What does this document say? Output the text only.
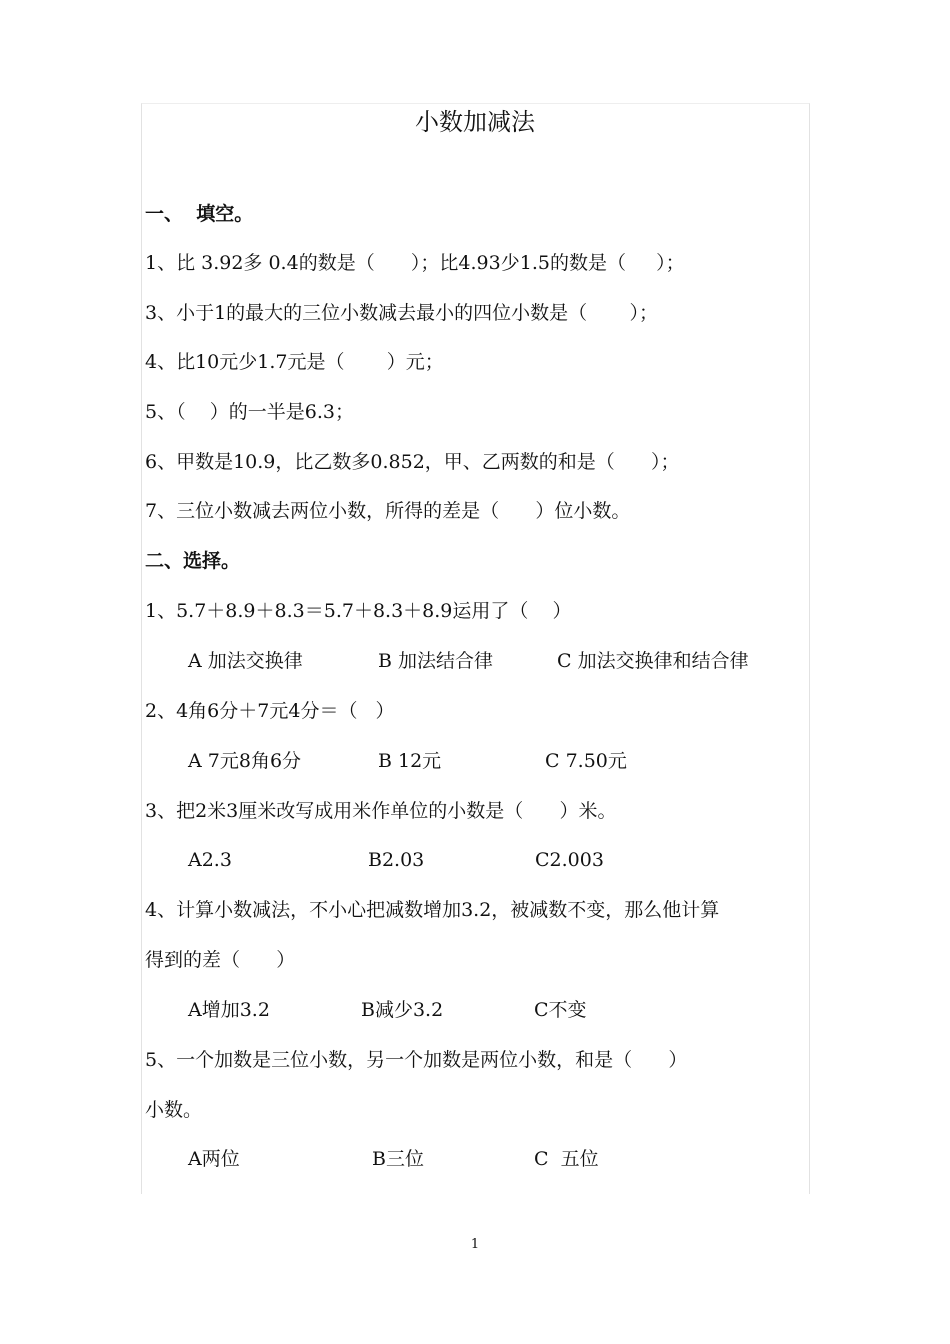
小数加减法
一、  填空。
1、比 3.92多 0.4的数是（      ）；比4.93少1.5的数是（     ）；
3、小于1的最大的三位小数减去最小的四位小数是（       ）；
4、比10元少1.7元是（       ）元；
5、（    ）的一半是6.3；
6、甲数是10.9，比乙数多0.852，甲、乙两数的和是（      ）；
7、三位小数减去两位小数，所得的差是（      ）位小数。
二、选择。
1、5.7＋8.9＋8.3＝5.7＋8.3＋8.9运用了（    ）

A 加法交换律

	B 加法结合律

	C 加法交换律和结合律

2、4角6分＋7元4分＝（   ）

A 7元8角6分

	B 12元

	C 7.50元

3、把2米3厘米改写成用米作单位的小数是（      ）米。

A2.3

	B2.03

	C2.003

4、计算小数减法，不小心把减数增加3.2，被减数不变，那么他计算
得到的差（      ）

A增加3.2

	B减少3.2

	C不变

5、一个加数是三位小数，另一个加数是两位小数，和是（      ）
小数。

A两位

	B三位

	C  五位

1
